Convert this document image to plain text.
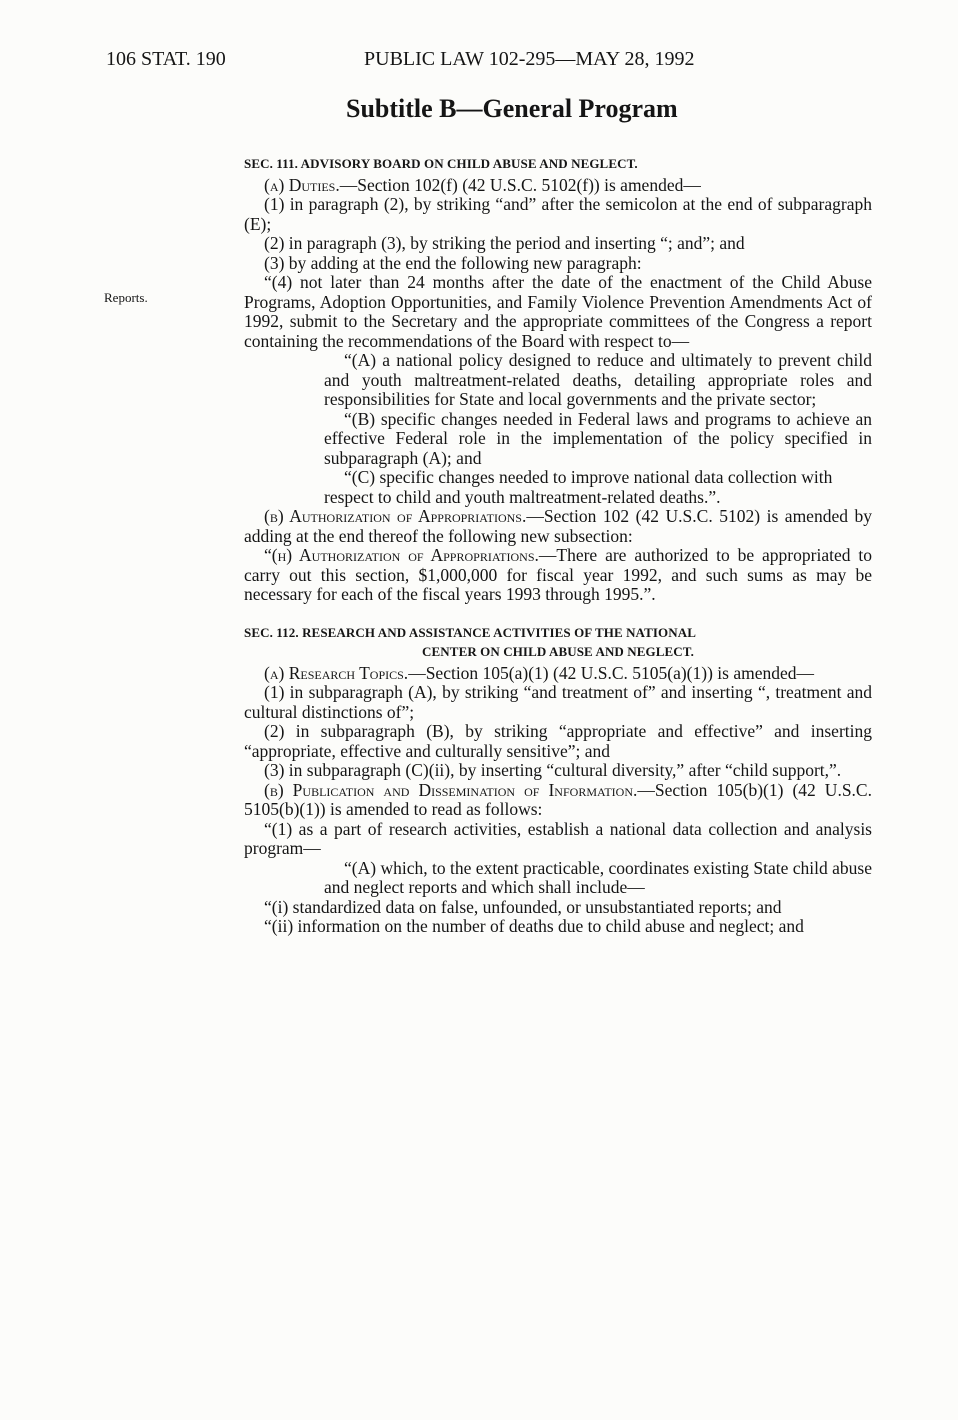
106 STAT. 190	PUBLIC LAW 102-295—MAY 28, 1992
Subtitle B—General Program
Reports.

SEC. 111. ADVISORY BOARD ON CHILD ABUSE AND NEGLECT.

(a) Duties.—Section 102(f) (42 U.S.C. 5102(f)) is amended—

(1) in paragraph (2), by striking “and” after the semicolon at the end of subparagraph (E);

(2) in paragraph (3), by striking the period and inserting “; and”; and

(3) by adding at the end the following new paragraph:

“(4) not later than 24 months after the date of the enactment of the Child Abuse Programs, Adoption Opportunities, and Family Violence Prevention Amendments Act of 1992, submit to the Secretary and the appropriate committees of the Congress a report containing the recommendations of the Board with respect to—

“(A) a national policy designed to reduce and ultimately to prevent child and youth maltreatment-related deaths, detailing appropriate roles and responsibilities for State and local governments and the private sector;

“(B) specific changes needed in Federal laws and programs to achieve an effective Federal role in the implementation of the policy specified in subparagraph (A); and

“(C) specific changes needed to improve national data collection with respect to child and youth maltreatment-related deaths.”.

(b) Authorization of Appropriations.—Section 102 (42 U.S.C. 5102) is amended by adding at the end thereof the following new subsection:

“(h) Authorization of Appropriations.—There are authorized to be appropriated to carry out this section, $1,000,000 for fiscal year 1992, and such sums as may be necessary for each of the fiscal years 1993 through 1995.”.

SEC. 112. RESEARCH AND ASSISTANCE ACTIVITIES OF THE NATIONAL
CENTER ON CHILD ABUSE AND NEGLECT.

(a) Research Topics.—Section 105(a)(1) (42 U.S.C. 5105(a)(1)) is amended—

(1) in subparagraph (A), by striking “and treatment of” and inserting “, treatment and cultural distinctions of”;

(2) in subparagraph (B), by striking “appropriate and effective” and inserting “appropriate, effective and culturally sensitive”; and

(3) in subparagraph (C)(ii), by inserting “cultural diversity,” after “child support,”.

(b) Publication and Dissemination of Information.—Section 105(b)(1) (42 U.S.C. 5105(b)(1)) is amended to read as follows:

“(1) as a part of research activities, establish a national data collection and analysis program—

“(A) which, to the extent practicable, coordinates existing State child abuse and neglect reports and which shall include—

“(i) standardized data on false, unfounded, or unsubstantiated reports; and

“(ii) information on the number of deaths due to child abuse and neglect; and
